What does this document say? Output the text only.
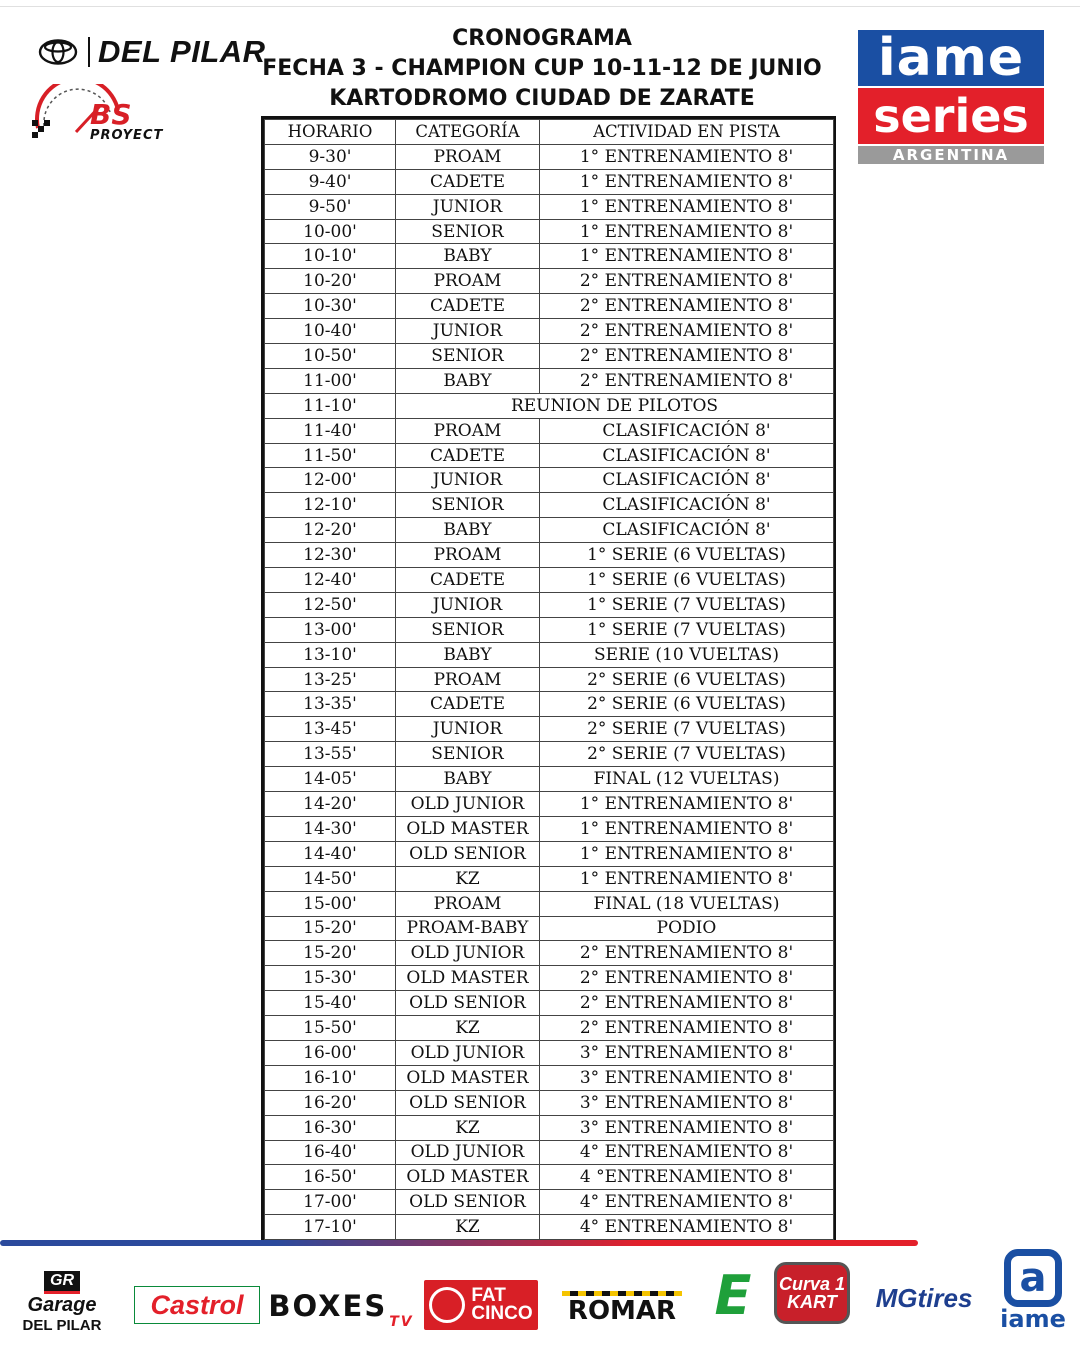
DEL PILAR
BS
PROYECT
CRONOGRAMA
FECHA 3 - CHAMPION CUP 10-11-12 DE JUNIO
KARTODROMO CIUDAD DE ZARATE
iame
series
ARGENTINA
HORARIO	CATEGORÍA	ACTIVIDAD EN PISTA
9-30'	PROAM	1° ENTRENAMIENTO 8'
9-40'	CADETE	1° ENTRENAMIENTO 8'
9-50'	JUNIOR	1° ENTRENAMIENTO 8'
10-00'	SENIOR	1° ENTRENAMIENTO 8'
10-10'	BABY	1° ENTRENAMIENTO 8'
10-20'	PROAM	2° ENTRENAMIENTO 8'
10-30'	CADETE	2° ENTRENAMIENTO 8'
10-40'	JUNIOR	2° ENTRENAMIENTO 8'
10-50'	SENIOR	2° ENTRENAMIENTO 8'
11-00'	BABY	2° ENTRENAMIENTO 8'
11-10'	REUNION DE PILOTOS	
11-40'	PROAM	CLASIFICACIÓN 8'
11-50'	CADETE	CLASIFICACIÓN 8'
12-00'	JUNIOR	CLASIFICACIÓN 8'
12-10'	SENIOR	CLASIFICACIÓN 8'
12-20'	BABY	CLASIFICACIÓN 8'
12-30'	PROAM	1° SERIE (6 VUELTAS)
12-40'	CADETE	1° SERIE (6 VUELTAS)
12-50'	JUNIOR	1° SERIE (7 VUELTAS)
13-00'	SENIOR	1° SERIE (7 VUELTAS)
13-10'	BABY	SERIE (10 VUELTAS)
13-25'	PROAM	2° SERIE (6 VUELTAS)
13-35'	CADETE	2° SERIE (6 VUELTAS)
13-45'	JUNIOR	2° SERIE (7 VUELTAS)
13-55'	SENIOR	2° SERIE (7 VUELTAS)
14-05'	BABY	FINAL (12 VUELTAS)
14-20'	OLD JUNIOR	1° ENTRENAMIENTO 8'
14-30'	OLD MASTER	1° ENTRENAMIENTO 8'
14-40'	OLD SENIOR	1° ENTRENAMIENTO 8'
14-50'	KZ	1° ENTRENAMIENTO 8'
15-00'	PROAM	FINAL (18 VUELTAS)
15-20'	PROAM-BABY	PODIO
15-20'	OLD JUNIOR	2° ENTRENAMIENTO 8'
15-30'	OLD MASTER	2° ENTRENAMIENTO 8'
15-40'	OLD SENIOR	2° ENTRENAMIENTO 8'
15-50'	KZ	2° ENTRENAMIENTO 8'
16-00'	OLD JUNIOR	3° ENTRENAMIENTO 8'
16-10'	OLD MASTER	3° ENTRENAMIENTO 8'
16-20'	OLD SENIOR	3° ENTRENAMIENTO 8'
16-30'	KZ	3° ENTRENAMIENTO 8'
16-40'	OLD JUNIOR	4° ENTRENAMIENTO 8'
16-50'	OLD MASTER	4 °ENTRENAMIENTO 8'
17-00'	OLD SENIOR	4° ENTRENAMIENTO 8'
17-10'	KZ	4° ENTRENAMIENTO 8'
GR
Garage
DEL PILAR
Castrol BOXES TV
FAT
CINCO ROMAR E Curva 1
KART MG tires	a
iame
